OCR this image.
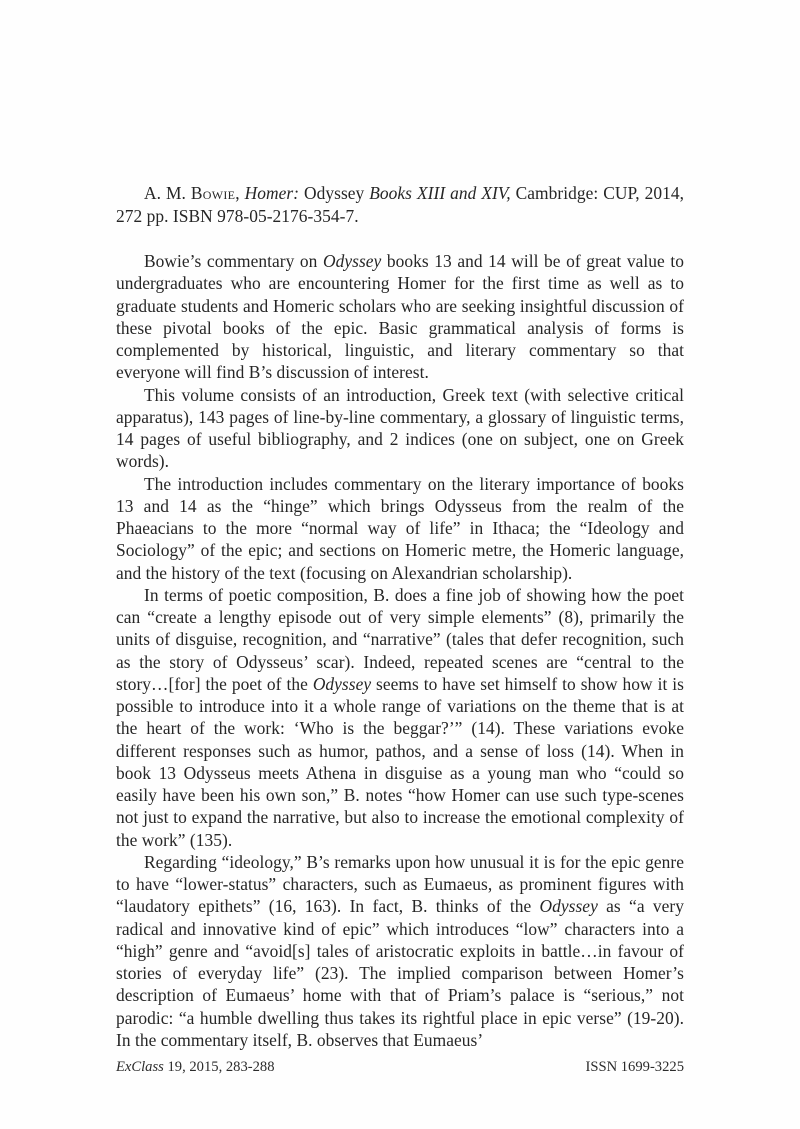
A. M. Bowie, Homer: Odyssey Books XIII and XIV, Cambridge: CUP, 2014, 272 pp. ISBN 978-05-2176-354-7.

Bowie’s commentary on Odyssey books 13 and 14 will be of great value to undergraduates who are encountering Homer for the first time as well as to graduate students and Homeric scholars who are seeking insightful discussion of these pivotal books of the epic. Basic grammatical analysis of forms is complemented by historical, linguistic, and literary commentary so that everyone will find B’s discussion of interest.

This volume consists of an introduction, Greek text (with selective critical apparatus), 143 pages of line-by-line commentary, a glossary of linguistic terms, 14 pages of useful bibliography, and 2 indices (one on subject, one on Greek words).

The introduction includes commentary on the literary importance of books 13 and 14 as the “hinge” which brings Odysseus from the realm of the Phaeacians to the more “normal way of life” in Ithaca; the “Ideology and Sociology” of the epic; and sections on Homeric metre, the Homeric language, and the history of the text (focusing on Alexandrian scholarship).

In terms of poetic composition, B. does a fine job of showing how the poet can “create a lengthy episode out of very simple elements” (8), primarily the units of disguise, recognition, and “narrative” (tales that defer recognition, such as the story of Odysseus’ scar). Indeed, repeated scenes are “central to the story…[for] the poet of the Odyssey seems to have set himself to show how it is possible to introduce into it a whole range of variations on the theme that is at the heart of the work: ‘Who is the beggar?’” (14). These variations evoke different responses such as humor, pathos, and a sense of loss (14). When in book 13 Odysseus meets Athena in disguise as a young man who “could so easily have been his own son,” B. notes “how Homer can use such type-scenes not just to expand the narrative, but also to increase the emotional complexity of the work” (135).

Regarding “ideology,” B’s remarks upon how unusual it is for the epic genre to have “lower-status” characters, such as Eumaeus, as prominent figures with “laudatory epithets” (16, 163). In fact, B. thinks of the Odyssey as “a very radical and innovative kind of epic” which introduces “low” characters into a “high” genre and “avoid[s] tales of aristocratic exploits in battle…in favour of stories of everyday life” (23). The implied comparison between Homer’s description of Eumaeus’ home with that of Priam’s palace is “serious,” not parodic: “a humble dwelling thus takes its rightful place in epic verse” (19-20). In the commentary itself, B. observes that Eumaeus’

ExClass 19, 2015, 283-288	ISSN 1699-3225
